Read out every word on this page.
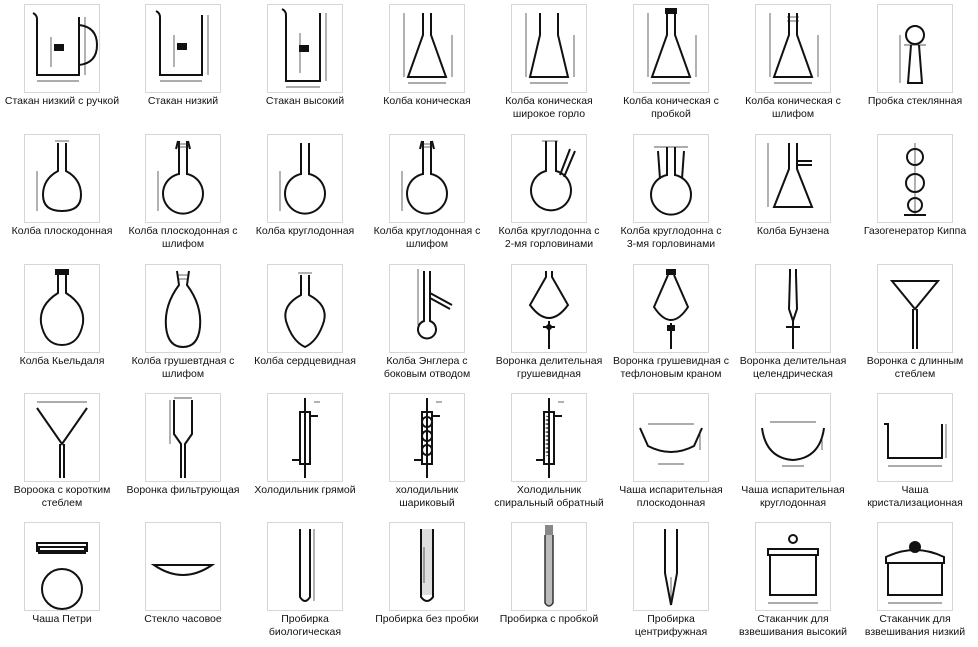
Стакан низкий с ручкой	Стакан низкий	Стакан высокий	Колба коническая	Колба коническая
широкое горло
Колба коническая с
пробкой
Колба коническая с
шлифом
Пробка стеклянная
Колба плоскодонная	Колба плоскодонная с
шлифом
Колба круглодонная	Колба круглодонная с
шлифом
Колба круглодонна с
2-мя горловинами
Колба круглодонна с
3-мя горловинами
Колба Бунзена	Газогенератор Киппа
Колба Кьельдаля	Колба грушевтдная с
шлифом
Колба сердцевидная	Колба Энглера с
боковым отводом
Воронка делительная
грушевидная
Воронка грушевидная с
тефлоновым краном
Воронка делительная
целендрическая
Воронка с длинным
стеблем
Вороока с коротким
стеблем
Воронка фильтрующая	Холодильник грямой	холодильник
шариковый
Холодильник
спиральный обратный
Чаша испарительная
плоскодонная
Чаша испарительная
круглодонная
Чаша
кристализационная
Чаша Петри	Стекло часовое	Пробирка
биологическая
Пробирка без пробки	Пробирка с пробкой	Пробирка
центрифужная
Стаканчик для
взвешивания высокий
Стаканчик для
взвешивания низкий
